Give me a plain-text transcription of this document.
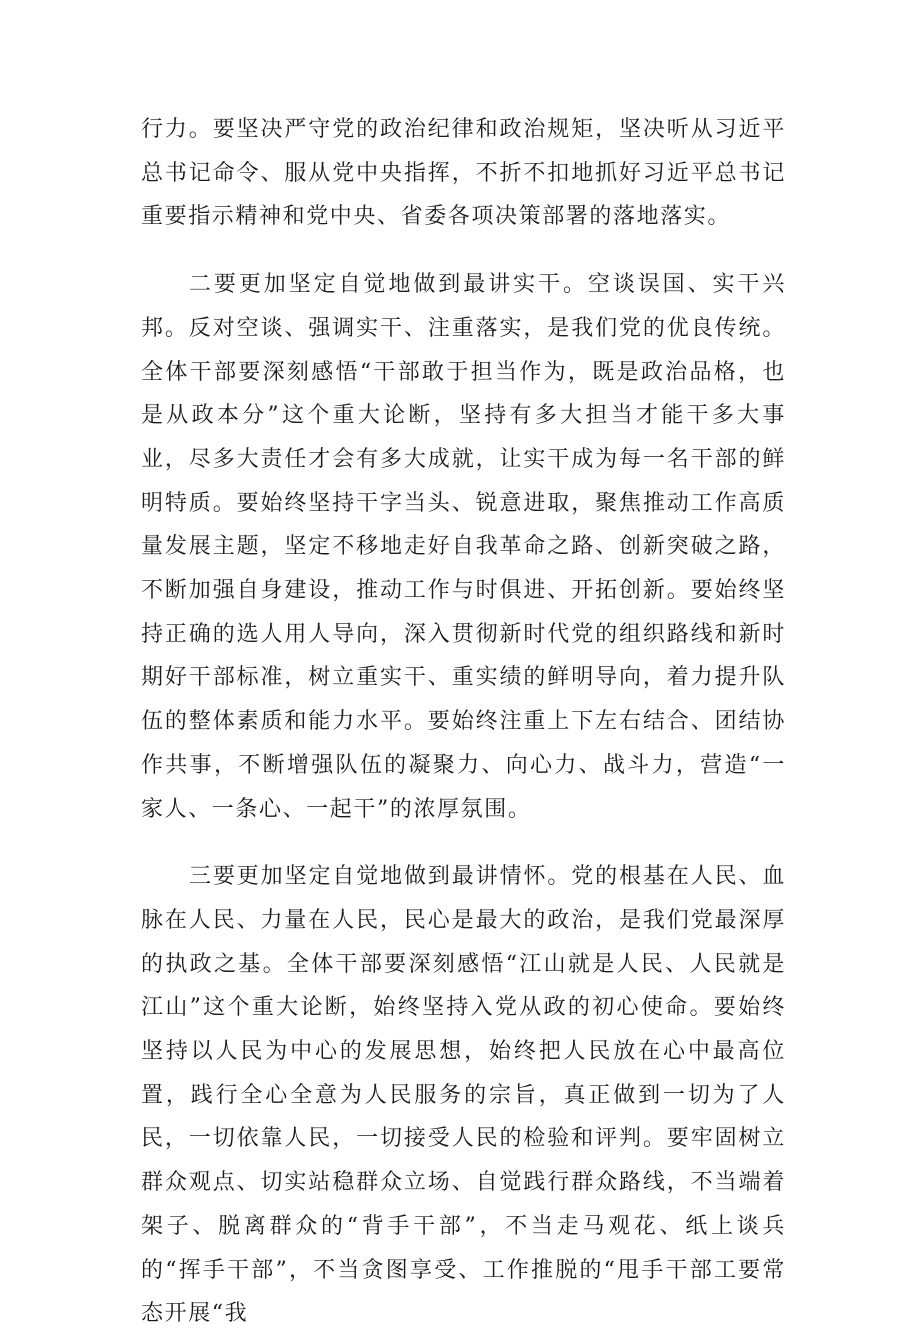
行力。要坚决严守党的政治纪律和政治规矩，坚决听从习近平总书记命令、服从党中央指挥，不折不扣地抓好习近平总书记重要指示精神和党中央、省委各项决策部署的落地落实。

二要更加坚定自觉地做到最讲实干。空谈误国、实干兴邦。反对空谈、强调实干、注重落实，是我们党的优良传统。全体干部要深刻感悟“干部敢于担当作为，既是政治品格，也是从政本分”这个重大论断，坚持有多大担当才能干多大事业，尽多大责任才会有多大成就，让实干成为每一名干部的鲜明特质。要始终坚持干字当头、锐意进取，聚焦推动工作高质量发展主题，坚定不移地走好自我革命之路、创新突破之路，不断加强自身建设，推动工作与时俱进、开拓创新。要始终坚持正确的选人用人导向，深入贯彻新时代党的组织路线和新时期好干部标准，树立重实干、重实绩的鲜明导向，着力提升队伍的整体素质和能力水平。要始终注重上下左右结合、团结协作共事，不断增强队伍的凝聚力、向心力、战斗力，营造“一家人、一条心、一起干”的浓厚氛围。

三要更加坚定自觉地做到最讲情怀。党的根基在人民、血脉在人民、力量在人民，民心是最大的政治，是我们党最深厚的执政之基。全体干部要深刻感悟“江山就是人民、人民就是江山”这个重大论断，始终坚持入党从政的初心使命。要始终坚持以人民为中心的发展思想，始终把人民放在心中最高位置，践行全心全意为人民服务的宗旨，真正做到一切为了人民，一切依靠人民，一切接受人民的检验和评判。要牢固树立群众观点、切实站稳群众立场、自觉践行群众路线，不当端着架子、脱离群众的“背手干部”，不当走马观花、纸上谈兵的“挥手干部”，不当贪图享受、工作推脱的“甩手干部工要常态开展“我
